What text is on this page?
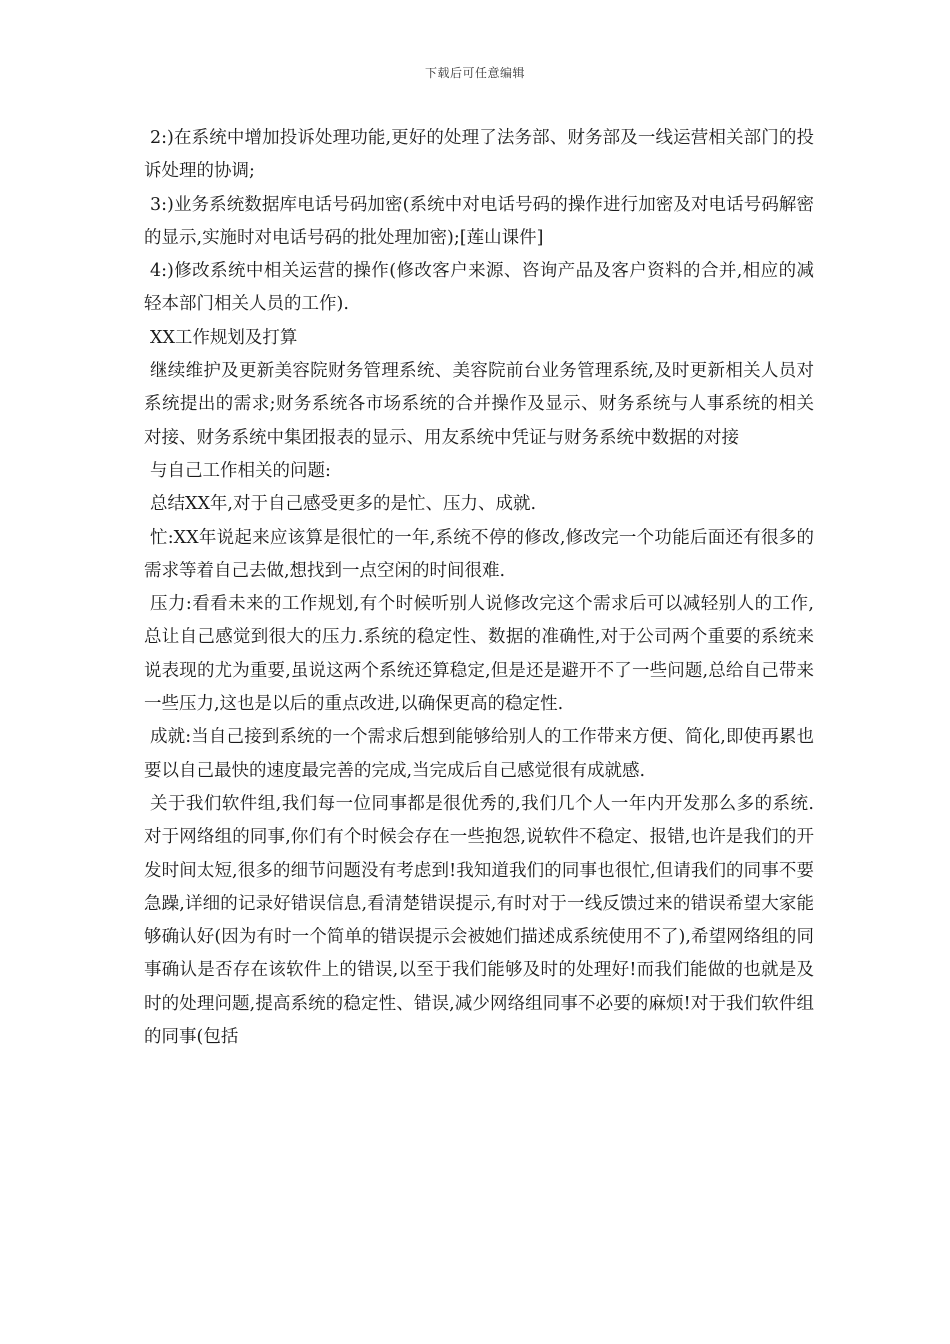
下载后可任意编辑

2:)在系统中增加投诉处理功能,更好的处理了法务部、财务部及一线运营相关部门的投诉处理的协调;

3:)业务系统数据库电话号码加密(系统中对电话号码的操作进行加密及对电话号码解密的显示,实施时对电话号码的批处理加密);[莲山课件]

4:)修改系统中相关运营的操作(修改客户来源、咨询产品及客户资料的合并,相应的减轻本部门相关人员的工作).

XX工作规划及打算

继续维护及更新美容院财务管理系统、美容院前台业务管理系统,及时更新相关人员对系统提出的需求;财务系统各市场系统的合并操作及显示、财务系统与人事系统的相关对接、财务系统中集团报表的显示、用友系统中凭证与财务系统中数据的对接

与自己工作相关的问题:

总结XX年,对于自己感受更多的是忙、压力、成就.

忙:XX年说起来应该算是很忙的一年,系统不停的修改,修改完一个功能后面还有很多的需求等着自己去做,想找到一点空闲的时间很难.

压力:看看未来的工作规划,有个时候听别人说修改完这个需求后可以减轻别人的工作,总让自己感觉到很大的压力.系统的稳定性、数据的准确性,对于公司两个重要的系统来说表现的尤为重要,虽说这两个系统还算稳定,但是还是避开不了一些问题,总给自己带来一些压力,这也是以后的重点改进,以确保更高的稳定性.

成就:当自己接到系统的一个需求后想到能够给别人的工作带来方便、简化,即使再累也要以自己最快的速度最完善的完成,当完成后自己感觉很有成就感.

关于我们软件组,我们每一位同事都是很优秀的,我们几个人一年内开发那么多的系统.对于网络组的同事,你们有个时候会存在一些抱怨,说软件不稳定、报错,也许是我们的开发时间太短,很多的细节问题没有考虑到!我知道我们的同事也很忙,但请我们的同事不要急躁,详细的记录好错误信息,看清楚错误提示,有时对于一线反馈过来的错误希望大家能够确认好(因为有时一个简单的错误提示会被她们描述成系统使用不了),希望网络组的同事确认是否存在该软件上的错误,以至于我们能够及时的处理好!而我们能做的也就是及时的处理问题,提高系统的稳定性、错误,减少网络组同事不必要的麻烦!对于我们软件组的同事(包括
